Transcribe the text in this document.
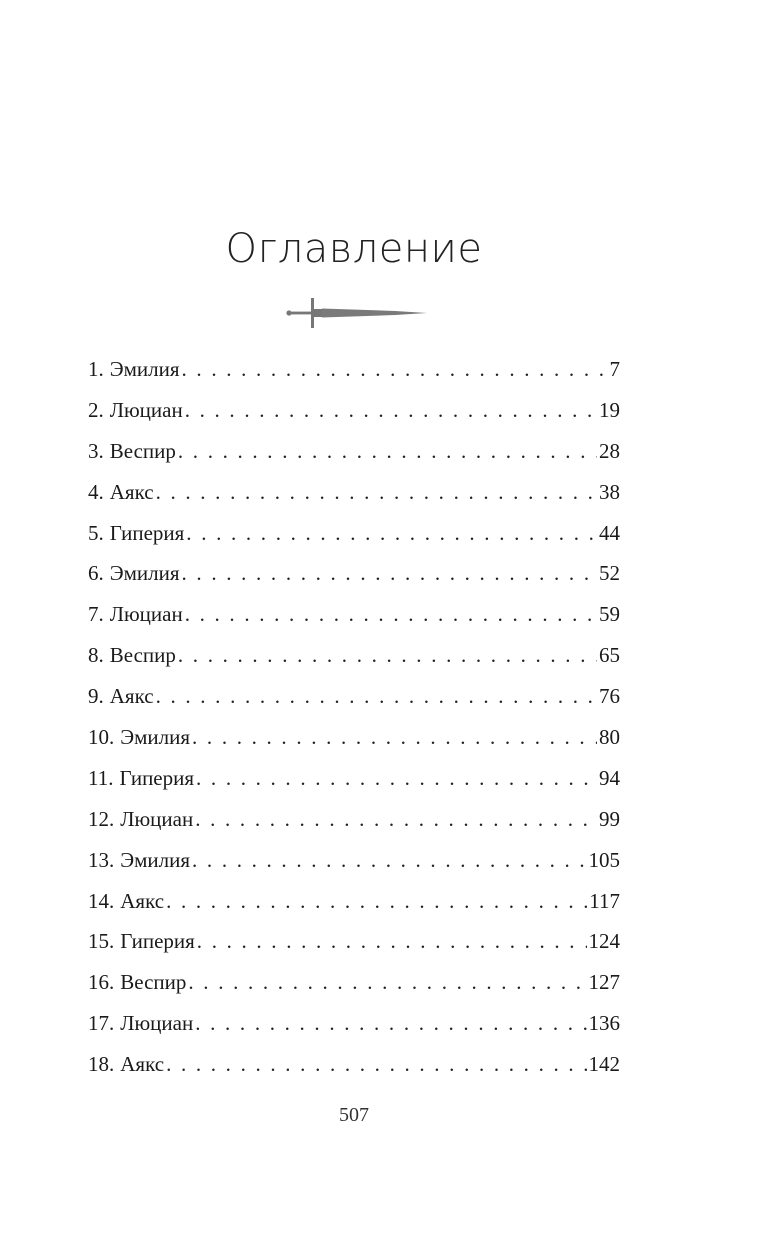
Оглавление
1. Эмилия . . .	7
2. Люциан . . .	19
3. Веспир . . .	28
4. Аякс . . .	38
5. Гиперия . . .	44
6. Эмилия . . .	52
7. Люциан . . .	59
8. Веспир . . .	65
9. Аякс . . .	76
10. Эмилия . . .	80
11. Гиперия . . .	94
12. Люциан . . .	99
13. Эмилия . . .	105
14. Аякс . . .	117
15. Гиперия . . .	124
16. Веспир . . .	127
17. Люциан . . .	136
18. Аякс . . .	142
507
